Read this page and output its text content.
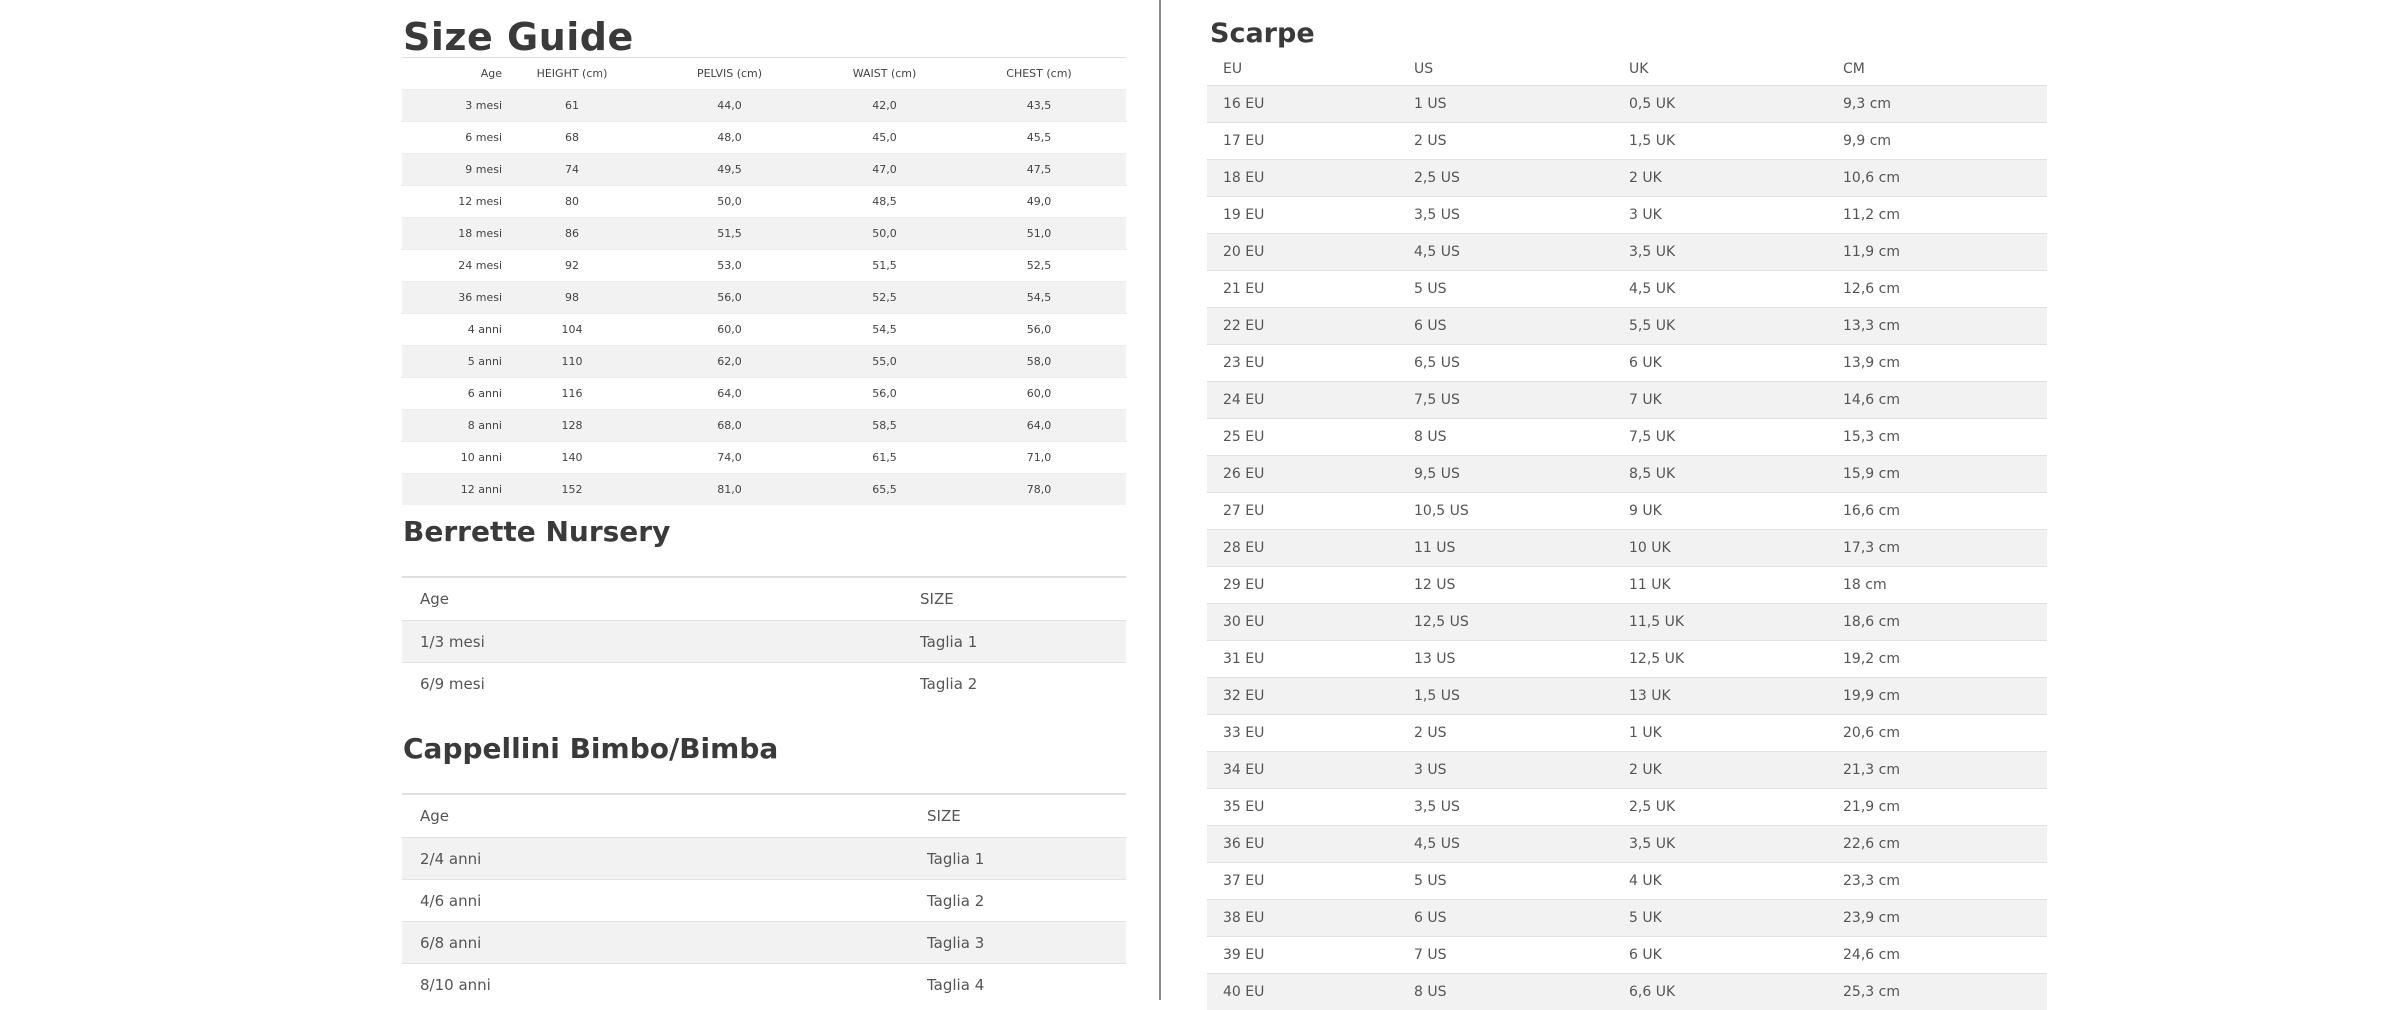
Size Guide
Age	HEIGHT (cm)	PELVIS (cm)	WAIST (cm)	CHEST (cm)
3 mesi	61	44,0	42,0	43,5
6 mesi	68	48,0	45,0	45,5
9 mesi	74	49,5	47,0	47,5
12 mesi	80	50,0	48,5	49,0
18 mesi	86	51,5	50,0	51,0
24 mesi	92	53,0	51,5	52,5
36 mesi	98	56,0	52,5	54,5
4 anni	104	60,0	54,5	56,0
5 anni	110	62,0	55,0	58,0
6 anni	116	64,0	56,0	60,0
8 anni	128	68,0	58,5	64,0
10 anni	140	74,0	61,5	71,0
12 anni	152	81,0	65,5	78,0
Berrette Nursery
Age	SIZE
1/3 mesi	Taglia 1
6/9 mesi	Taglia 2
Cappellini Bimbo/Bimba
Age	SIZE
2/4 anni	Taglia 1
4/6 anni	Taglia 2
6/8 anni	Taglia 3
8/10 anni	Taglia 4
Scarpe
EU	US	UK	CM
16 EU	1 US	0,5 UK	9,3 cm
17 EU	2 US	1,5 UK	9,9 cm
18 EU	2,5 US	2 UK	10,6 cm
19 EU	3,5 US	3 UK	11,2 cm
20 EU	4,5 US	3,5 UK	11,9 cm
21 EU	5 US	4,5 UK	12,6 cm
22 EU	6 US	5,5 UK	13,3 cm
23 EU	6,5 US	6 UK	13,9 cm
24 EU	7,5 US	7 UK	14,6 cm
25 EU	8 US	7,5 UK	15,3 cm
26 EU	9,5 US	8,5 UK	15,9 cm
27 EU	10,5 US	9 UK	16,6 cm
28 EU	11 US	10 UK	17,3 cm
29 EU	12 US	11 UK	18 cm
30 EU	12,5 US	11,5 UK	18,6 cm
31 EU	13 US	12,5 UK	19,2 cm
32 EU	1,5 US	13 UK	19,9 cm
33 EU	2 US	1 UK	20,6 cm
34 EU	3 US	2 UK	21,3 cm
35 EU	3,5 US	2,5 UK	21,9 cm
36 EU	4,5 US	3,5 UK	22,6 cm
37 EU	5 US	4 UK	23,3 cm
38 EU	6 US	5 UK	23,9 cm
39 EU	7 US	6 UK	24,6 cm
40 EU	8 US	6,6 UK	25,3 cm
